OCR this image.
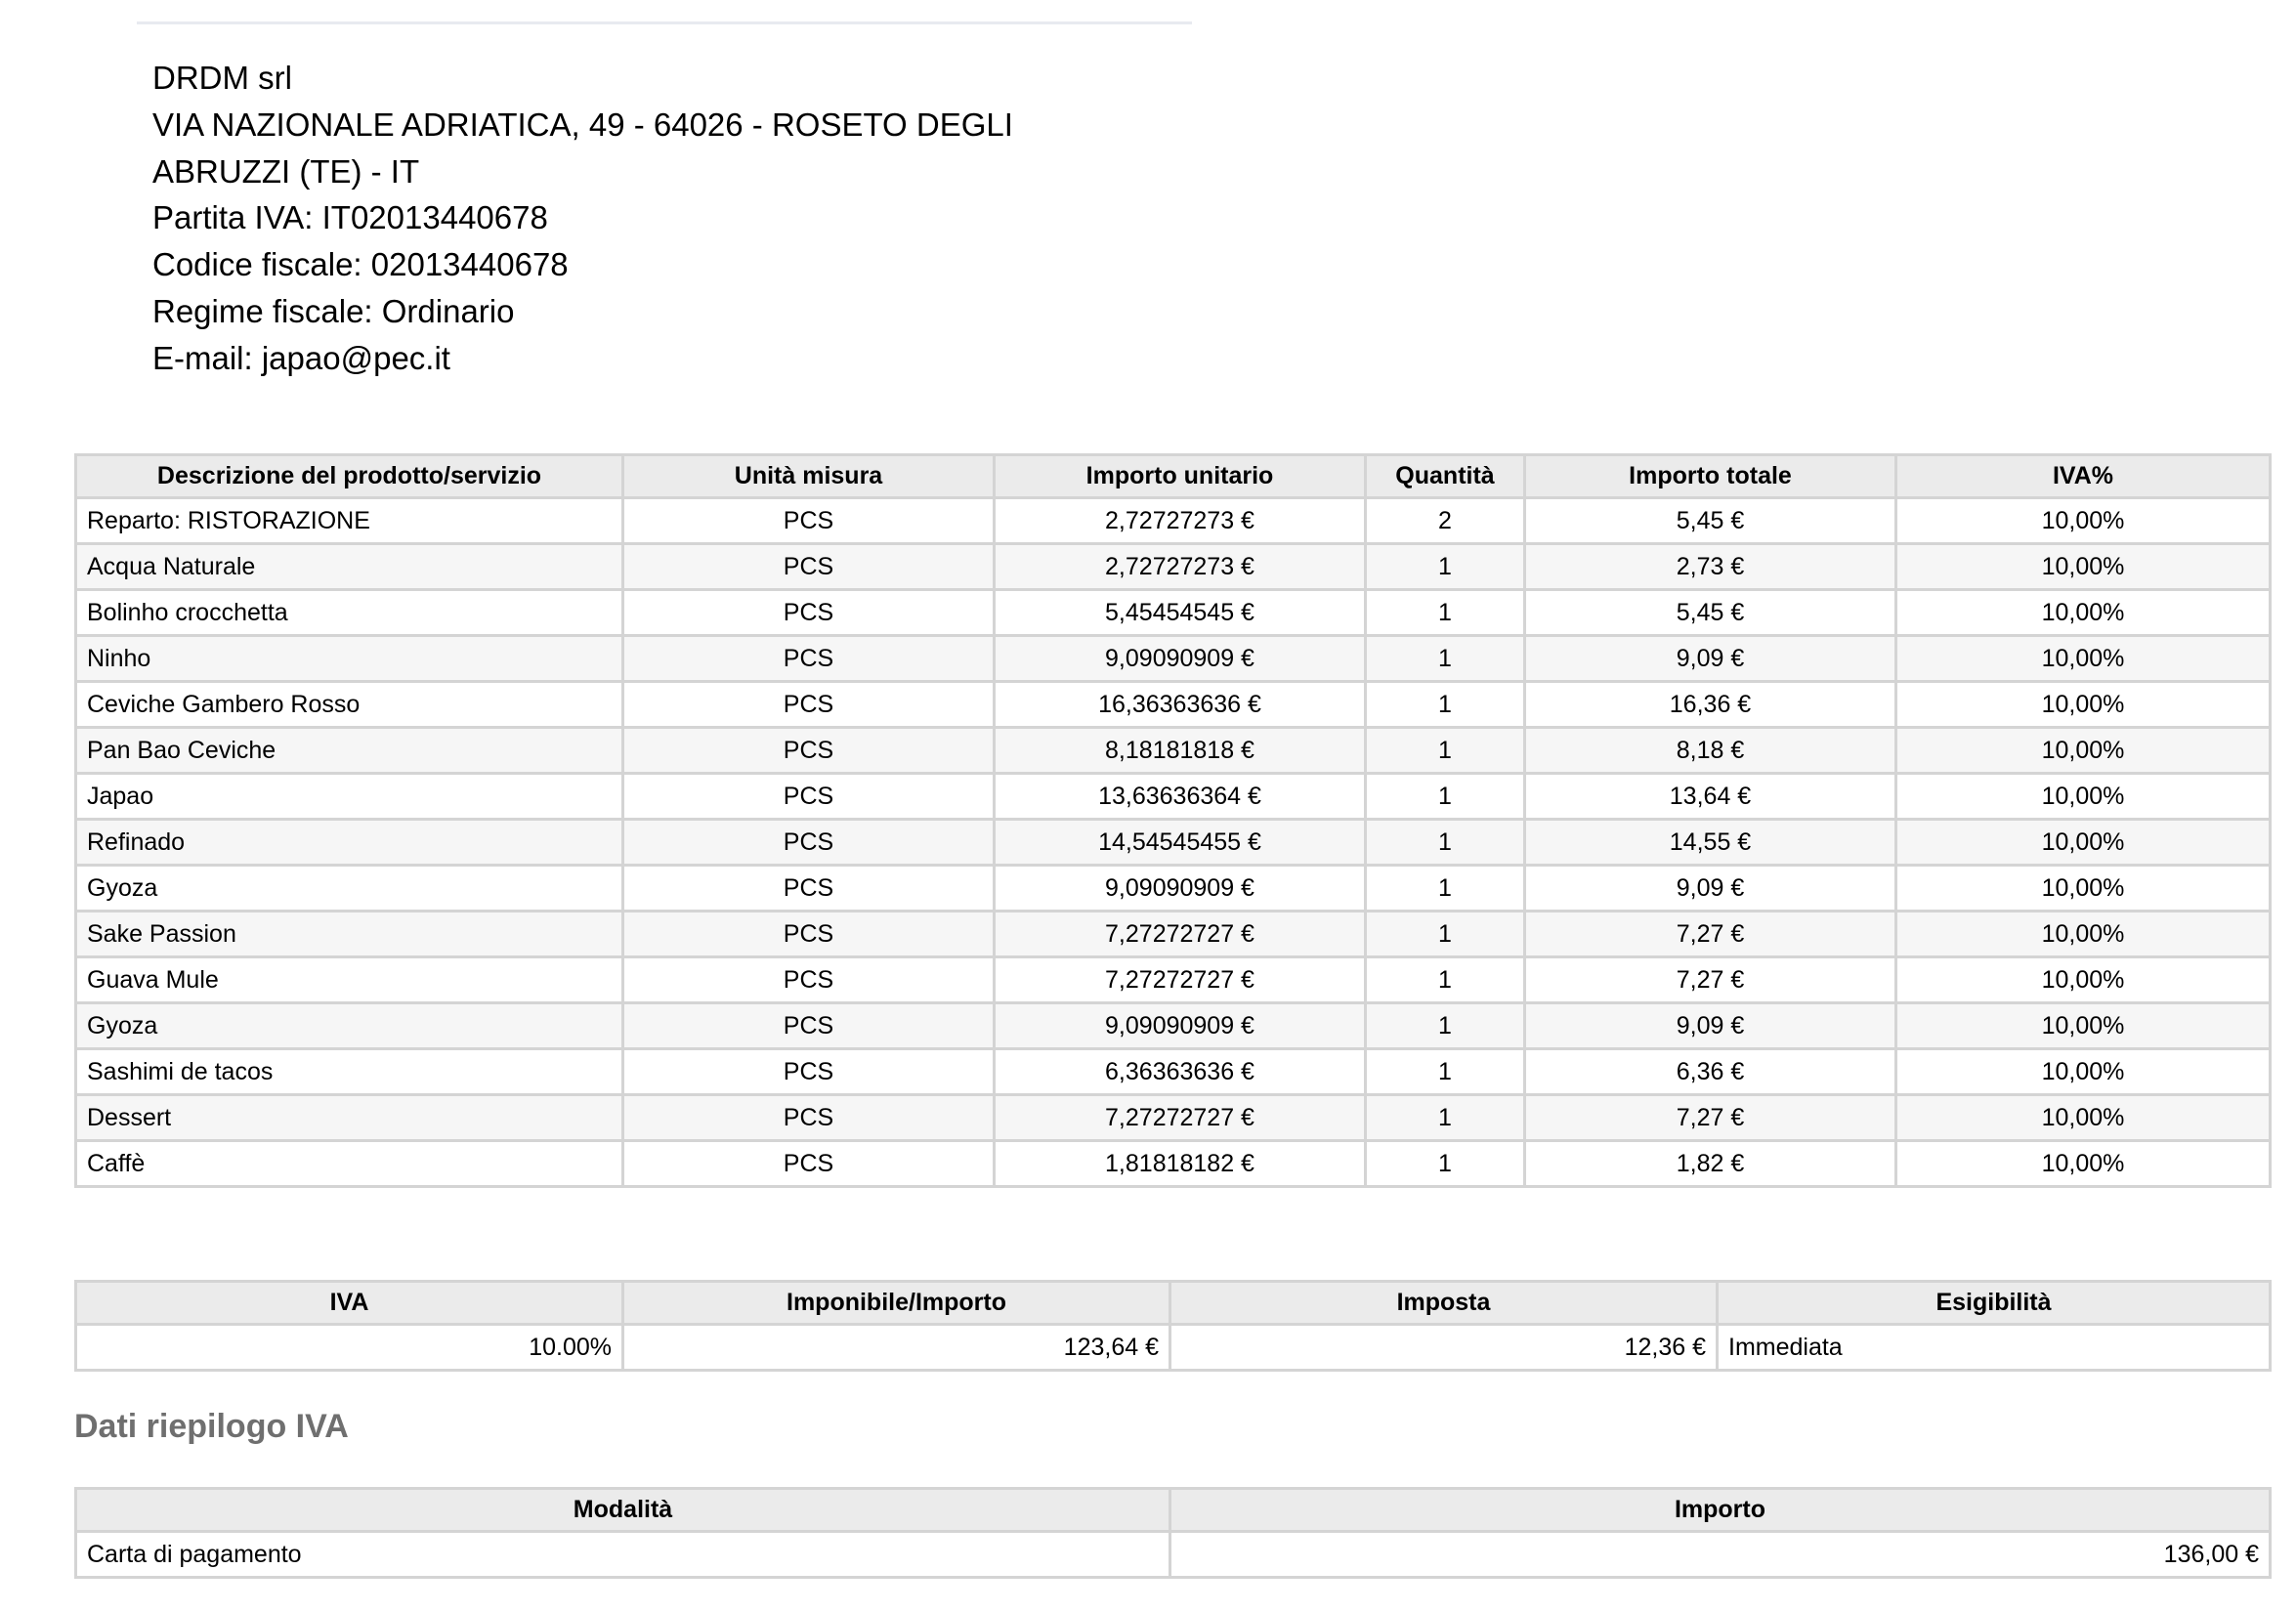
DRDM srl
VIA NAZIONALE ADRIATICA, 49 - 64026 - ROSETO DEGLI
ABRUZZI (TE) - IT
Partita IVA: IT02013440678
Codice fiscale: 02013440678
Regime fiscale: Ordinario
E-mail: japao@pec.it
Descrizione del prodotto/servizio	Unità misura	Importo unitario	Quantità	Importo totale	IVA%
Reparto: RISTORAZIONE	PCS	2,72727273 €	2	5,45 €	10,00%
Acqua Naturale	PCS	2,72727273 €	1	2,73 €	10,00%
Bolinho crocchetta	PCS	5,45454545 €	1	5,45 €	10,00%
Ninho	PCS	9,09090909 €	1	9,09 €	10,00%
Ceviche Gambero Rosso	PCS	16,36363636 €	1	16,36 €	10,00%
Pan Bao Ceviche	PCS	8,18181818 €	1	8,18 €	10,00%
Japao	PCS	13,63636364 €	1	13,64 €	10,00%
Refinado	PCS	14,54545455 €	1	14,55 €	10,00%
Gyoza	PCS	9,09090909 €	1	9,09 €	10,00%
Sake Passion	PCS	7,27272727 €	1	7,27 €	10,00%
Guava Mule	PCS	7,27272727 €	1	7,27 €	10,00%
Gyoza	PCS	9,09090909 €	1	9,09 €	10,00%
Sashimi de tacos	PCS	6,36363636 €	1	6,36 €	10,00%
Dessert	PCS	7,27272727 €	1	7,27 €	10,00%
Caffè	PCS	1,81818182 €	1	1,82 €	10,00%
IVA	Imponibile/Importo	Imposta	Esigibilità
10.00%	123,64 €	12,36 €	Immediata
Dati riepilogo IVA
Modalità	Importo
Carta di pagamento	136,00 €
